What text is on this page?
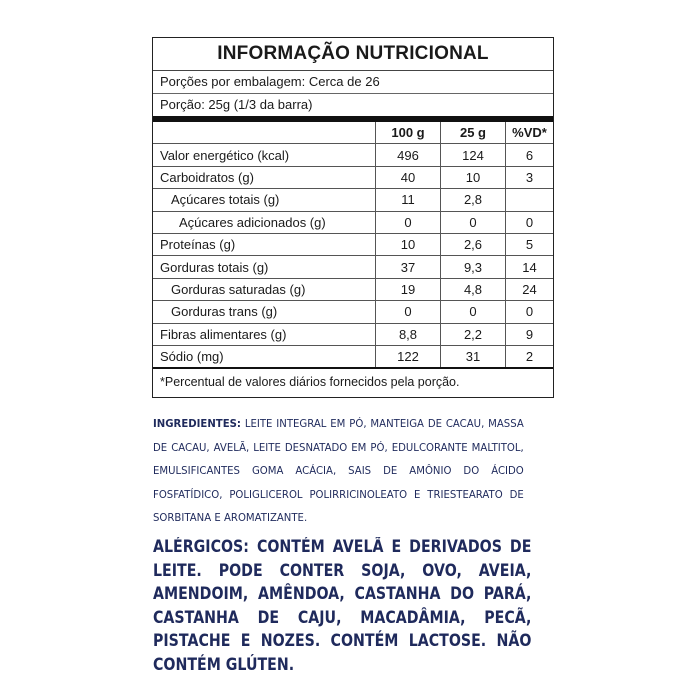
INFORMAÇÃO NUTRICIONAL
Porções por embalagem: Cerca de 26
Porção: 25g (1/3 da barra)
	100 g	25 g	%VD*
Valor energético (kcal)	496	124	6
Carboidratos (g)	40	10	3
Açúcares totais (g)	11	2,8	
Açúcares adicionados (g)	0	0	0
Proteínas (g)	10	2,6	5
Gorduras totais (g)	37	9,3	14
Gorduras saturadas (g)	19	4,8	24
Gorduras trans (g)	0	0	0
Fibras alimentares (g)	8,8	2,2	9
Sódio (mg)	122	31	2
*Percentual de valores diários fornecidos pela porção.
INGREDIENTES: LEITE INTEGRAL EM PÓ, MANTEIGA DE CACAU, MASSA DE CACAU, AVELÃ, LEITE DESNATADO EM PÓ, EDULCORANTE MALTITOL, EMULSIFICANTES GOMA ACÁCIA, SAIS DE AMÔNIO DO ÁCIDO FOSFATÍDICO, POLIGLICEROL POLIRRICINOLEATO E TRIESTEARATO DE SORBITANA E AROMATIZANTE.
ALÉRGICOS: CONTÉM AVELÃ E DERIVADOS DE LEITE. PODE CONTER SOJA, OVO, AVEIA, AMENDOIM, AMÊNDOA, CASTANHA DO PARÁ, CASTANHA DE CAJU, MACADÂMIA, PECÃ, PISTACHE E NOZES. CONTÉM LACTOSE. NÃO CONTÉM GLÚTEN.
